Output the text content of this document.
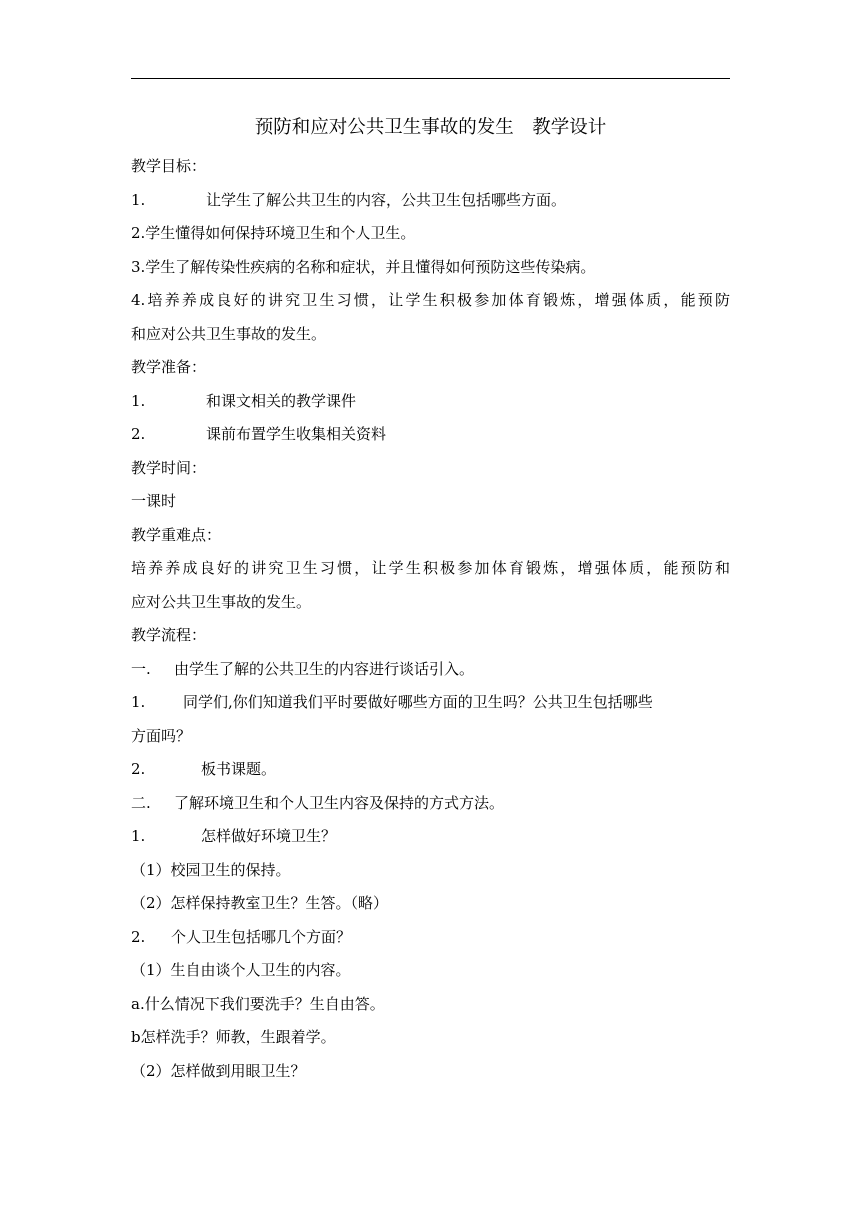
预防和应对公共卫生事故的发生　教学设计
教学目标：
1.	让学生了解公共卫生的内容，公共卫生包括哪些方面。
2.学生懂得如何保持环境卫生和个人卫生。
3.学生了解传染性疾病的名称和症状，并且懂得如何预防这些传染病。
4.培养养成良好的讲究卫生习惯，让学生积极参加体育锻炼，增强体质，能预防
和应对公共卫生事故的发生。
教学准备：
1.	和课文相关的教学课件
2.	课前布置学生收集相关资料
教学时间：
一课时
教学重难点：
培养养成良好的讲究卫生习惯，让学生积极参加体育锻炼，增强体质，能预防和
应对公共卫生事故的发生。
教学流程：
一. 由学生了解的公共卫生的内容进行谈话引入。
1.	同学们,你们知道我们平时要做好哪些方面的卫生吗？公共卫生包括哪些
方面吗？
2.	板书课题。
二. 了解环境卫生和个人卫生内容及保持的方式方法。
1.	怎样做好环境卫生？
（1）校园卫生的保持。
（2）怎样保持教室卫生？生答。（略）
2. 个人卫生包括哪几个方面？
（1）生自由谈个人卫生的内容。
a.什么情况下我们要洗手？生自由答。
b怎样洗手？师教，生跟着学。
（2）怎样做到用眼卫生？
